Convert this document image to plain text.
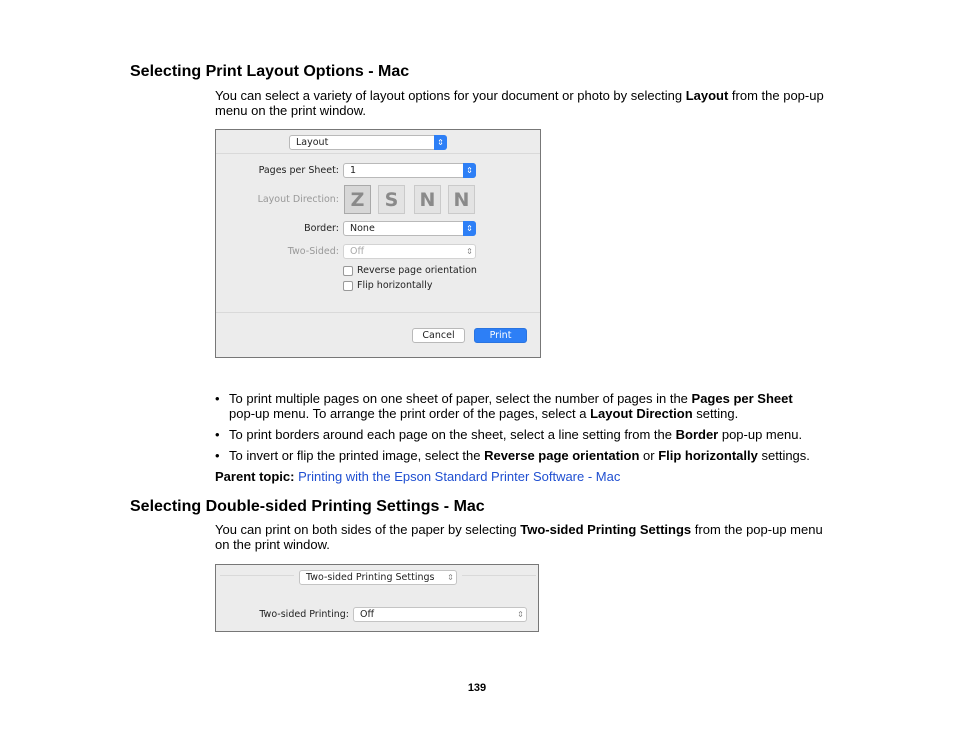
Selecting Print Layout Options - Mac

You can select a variety of layout options for your document or photo by selecting Layout from the pop-up menu on the print window.

Layout	⇕
Pages per Sheet:	1	⇕
Layout Direction: Z S N N
Border:	None	⇕
Two-Sided:	Off	⇕
Reverse page orientation
Flip horizontally
Cancel	Print
• To print multiple pages on one sheet of paper, select the number of pages in the Pages per Sheet pop-up menu. To arrange the print order of the pages, select a Layout Direction setting.
• To print borders around each page on the sheet, select a line setting from the Border pop-up menu.
• To invert or flip the printed image, select the Reverse page orientation or Flip horizontally settings.

Parent topic: Printing with the Epson Standard Printer Software - Mac

Selecting Double-sided Printing Settings - Mac

You can print on both sides of the paper by selecting Two-sided Printing Settings from the pop-up menu on the print window.

Two-sided Printing Settings	⇕
Two-sided Printing:	Off	⇕
139
